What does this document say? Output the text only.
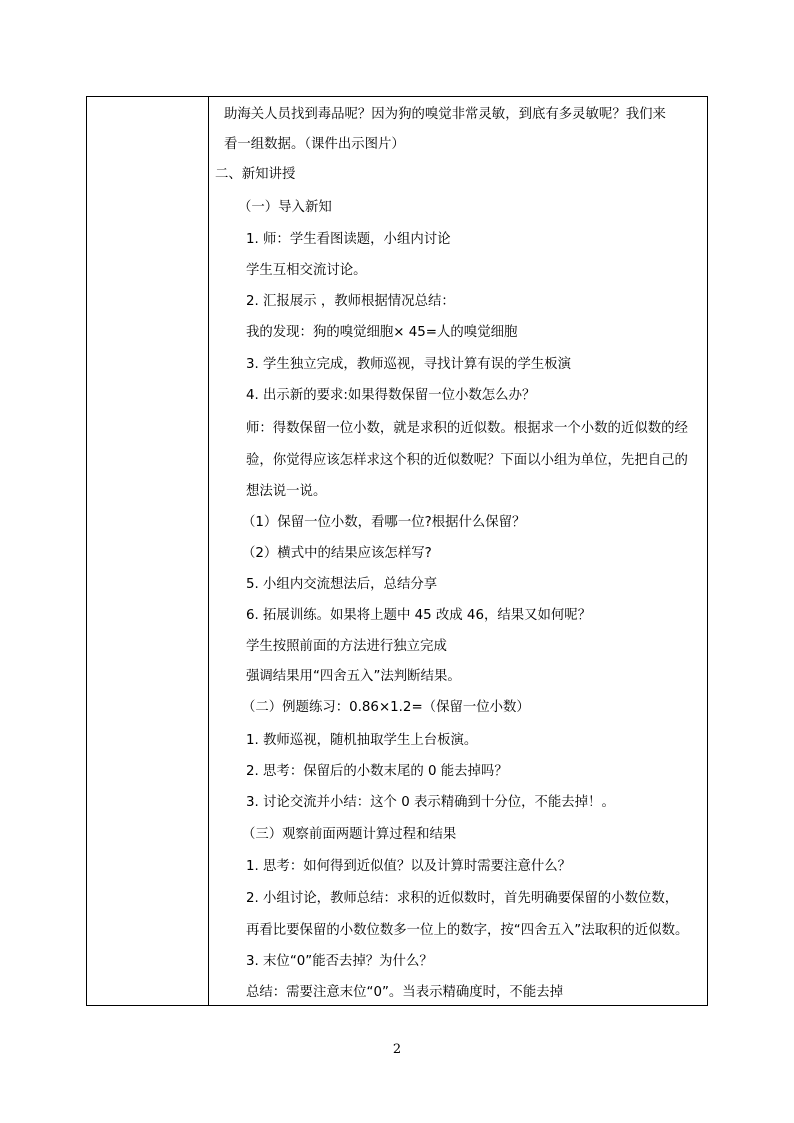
助海关人员找到毒品呢？因为狗的嗅觉非常灵敏，到底有多灵敏呢？我们来
看一组数据。（课件出示图片）
二、新知讲授
（一）导入新知
1. 师：学生看图读题，小组内讨论
学生互相交流讨论。
2. 汇报展示 ，教师根据情况总结：
我的发现：狗的嗅觉细胞× 45=人的嗅觉细胞
3. 学生独立完成，教师巡视，寻找计算有误的学生板演
4. 出示新的要求:如果得数保留一位小数怎么办？
师：得数保留一位小数，就是求积的近似数。根据求一个小数的近似数的经
验，你觉得应该怎样求这个积的近似数呢？下面以小组为单位，先把自己的
想法说一说。
（1）保留一位小数，看哪一位?根据什么保留？
（2）横式中的结果应该怎样写?
5. 小组内交流想法后，总结分享
6. 拓展训练。如果将上题中 45 改成 46，结果又如何呢？
学生按照前面的方法进行独立完成
强调结果用“四舍五入”法判断结果。
（二）例题练习：0.86×1.2=（保留一位小数）
1. 教师巡视，随机抽取学生上台板演。
2. 思考：保留后的小数末尾的 0 能去掉吗？
3. 讨论交流并小结：这个 0 表示精确到十分位，不能去掉！。
（三）观察前面两题计算过程和结果
1. 思考：如何得到近似值？以及计算时需要注意什么？
2. 小组讨论，教师总结：求积的近似数时，首先明确要保留的小数位数，
再看比要保留的小数位数多一位上的数字，按“四舍五入”法取积的近似数。
3. 末位“0”能否去掉？为什么？
总结：需要注意末位“0”。当表示精确度时，不能去掉
2
